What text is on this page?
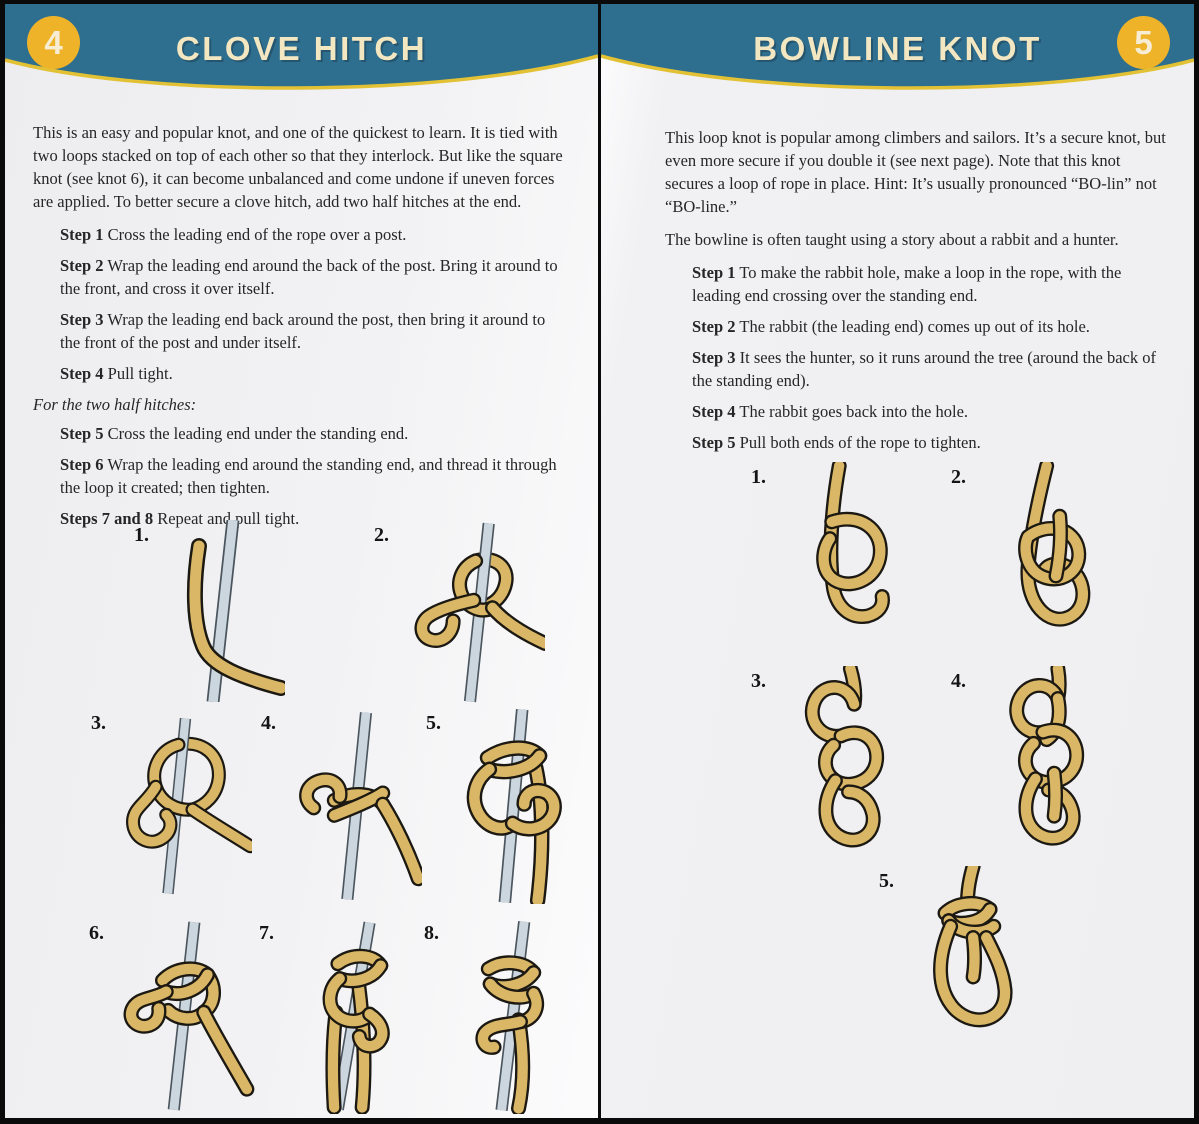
4	CLOVE HITCH

This is an easy and popular knot, and one of the quickest to learn. It is tied with two loops stacked on top of each other so that they interlock. But like the square knot (see knot 6), it can become unbalanced and come undone if uneven forces are applied. To better secure a clove hitch, add two half hitches at the end.

Step 1 Cross the leading end of the rope over a post.

Step 2 Wrap the leading end around the back of the post. Bring it around to the front, and cross it over itself.

Step 3 Wrap the leading end back around the post, then bring it around to the front of the post and under itself.

Step 4 Pull tight.

For the two half hitches:

Step 5 Cross the leading end under the standing end.

Step 6 Wrap the leading end around the standing end, and thread it through the loop it created; then tighten.

Steps 7 and 8 Repeat and pull tight.

1.	2.
3.	4.	5.
6.	7.	8.
5
BOWLINE KNOT

This loop knot is popular among climbers and sailors. It’s a secure knot, but even more secure if you double it (see next page). Note that this knot secures a loop of rope in place. Hint: It’s usually pronounced “BO-lin” not “BO-line.”

The bowline is often taught using a story about a rabbit and a hunter.

Step 1 To make the rabbit hole, make a loop in the rope, with the leading end crossing over the standing end.

Step 2 The rabbit (the leading end) comes up out of its hole.

Step 3 It sees the hunter, so it runs around the tree (around the back of the standing end).

Step 4 The rabbit goes back into the hole.

Step 5 Pull both ends of the rope to tighten.

1.	2.
3.	4.
5.
